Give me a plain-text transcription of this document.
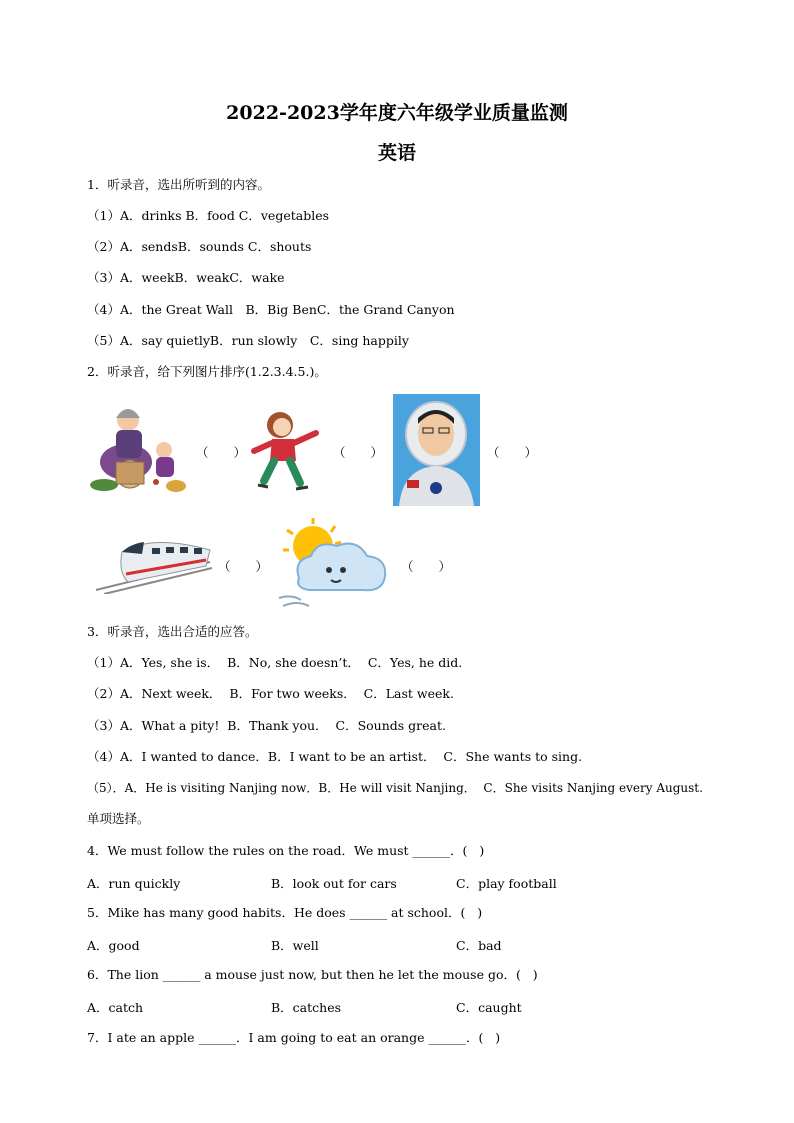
2022-2023学年度六年级学业质量监测
英语
1．听录音，选出所听到的内容。
（1）A．drinks B．food C．vegetables
（2）A．sendsB．sounds C．shouts
（3）A．weekB．weakC．wake
（4）A．the Great Wall　B．Big BenC．the Grand Canyon
（5）A．say quietlyB．run slowly　C．sing happily
2．听录音，给下列图片排序(1.2.3.4.5.)。
（　　）	（　　）	（　　）
（　　）	（　　）
3．听录音，选出合适的应答。
（1）A．Yes, she is．  B．No, she doesn’t．  C．Yes, he did.
（2）A．Next week．  B．For two weeks．  C．Last week.
（3）A．What a pity!  B．Thank you．  C．Sounds great.
（4）A．I wanted to dance．B．I want to be an artist．  C．She wants to sing.
（5）．A．He is visiting Nanjing now．B．He will visit Nanjing．  C．She visits Nanjing every August.
单项选择。
4．We must follow the rules on the road．We must ______．(   )
A．run quickly	B．look out for cars	C．play football
5．Mike has many good habits．He does ______ at school．(   )
A．good	B．well	C．bad
6．The lion ______ a mouse just now, but then he let the mouse go．(   )
A．catch	B．catches	C．caught
7．I ate an apple ______．I am going to eat an orange ______．(   )
